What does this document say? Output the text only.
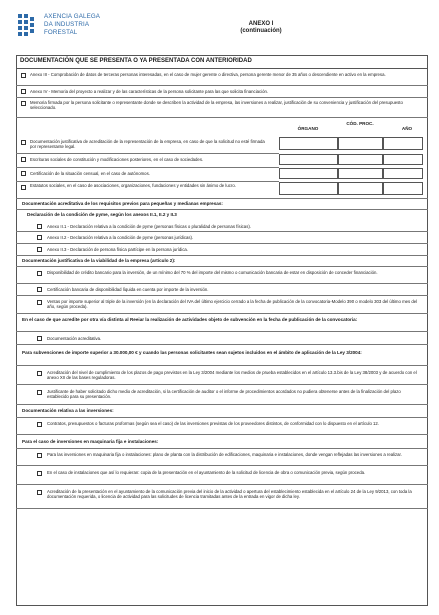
AXENCIA GALEGA
DA INDUSTRIA
FORESTAL
ANEXO I
(continuación)
DOCUMENTACIÓN QUE SE PRESENTA O YA PRESENTADA CON ANTERIORIDAD
Anexo III - Comprobación de datos de terceras personas interesadas, en el caso de mujer gerente o directiva, persona gerente menor de 35 años o descendiente en activo en la empresa.
Anexo IV - Memoria del proyecto a realizar y de las características de la persona solicitante para las que solicita financiación.
Memoria firmada por la persona solicitante o representante donde se describen la actividad de la empresa, las inversiones a realizar, justificación de su conveniencia y justificación del presupuesto seleccionado.
ÓRGANO
CÓD. PROC.
AÑO
Documentación justificativa de acreditación de la representación de la empresa, en caso de que la solicitud no esté firmada por representante legal.
Escrituras sociales de constitución y modificaciones posteriores, en el caso de sociedades.
Certificación de la situación censual, en el caso de autónomos.
Estatutos sociales, en el caso de asociaciones, organizaciones, fundaciones y entidades sin ánimo de lucro.
Documentación acreditativa de los requisitos previos para pequeñas y medianas empresas:
Declaración de la condición de pyme, según los anexos II.1, II.2 y II.3
Anexo II.1 - Declaración relativa a la condición de pyme (personas físicas o pluralidad de personas físicas).
Anexo II.2 - Declaración relativa a la condición de pyme (personas jurídicas).
Anexo II.3 - Declaración de persona física partícipe en la persona jurídica.
Documentación justificativa de la viabilidad de la empresa (artículo 2):
Disponibilidad de crédito bancario para la inversión, de un mínimo del 70 % del importe del mismo o comunicación bancaria de estar en disposición de conceder financiación.
Certificación bancaria de disponibilidad líquida en cuenta por importe de la inversión.
Ventas por importe superior al triple de la inversión (en la declaración del IVA del último ejercicio cerrado a la fecha de publicación de la convocatoria-Modelo 390 o modelo 303 del último mes del año, según proceda).
En el caso de que acredite por otra vía distinta al Reeiar la realización de actividades objeto de subvención en la fecha de publicación de la convocatoria:
Documentación acreditativa.
Para subvenciones de importe superior a 30.000,00 € y cuando las personas solicitantes sean sujetos incluidos en el ámbito de aplicación de la Ley 3/2004:
Acreditación del nivel de cumplimiento de los plazos de pago previstos en la Ley 3/2004 mediante los medios de prueba establecidos en el artículo 13.3.bis de la Ley 38/2003 y de acuerdo con el anexo XII de las bases reguladoras.
Justificante de haber solicitado dicho medio de acreditación, si la certificación de auditor o el informe de procedimientos acordados no pudiera obtenerse antes de la finalización del plazo establecido para su presentación.
Documentación relativa a las inversiones:
Contratos, presupuestos o facturas proformas (según sea el caso) de las inversiones previstas de los proveedores distintos, de conformidad con lo dispuesto en el artículo 12.
Para el caso de inversiones en maquinaria fija e instalaciones:
Para las inversiones en maquinaria fija o instalaciones: plano de planta con la distribución de edificaciones, maquinaria e instalaciones, donde vengan reflejadas las inversiones a realizar.
En el caso de instalaciones que así lo requieran: copia de la presentación en el ayuntamiento de la solicitud de licencia de obra o comunicación previa, según proceda.
Acreditación de la presentación en el ayuntamiento de la comunicación previa del inicio de la actividad o apertura del establecimiento establecida en el artículo 24 de la Ley 9/2013, con toda la documentación requerida, o licencia de actividad para las solicitudes de licencia tramitadas antes de la entrada en vigor de dicha ley.
